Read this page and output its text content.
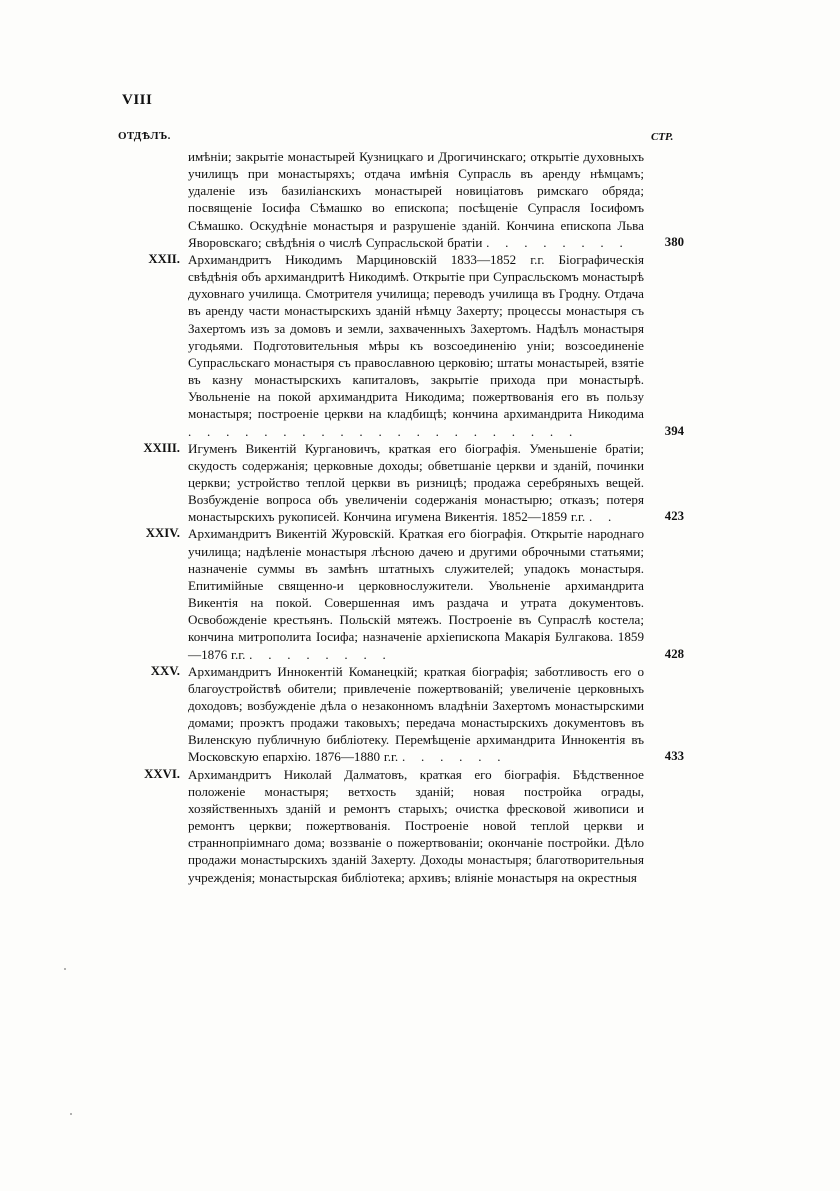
VIII
ОТДѢЛЪ.	СТР.
имѣніи; закрытіе монастырей Кузницкаго и Дрогичинскаго; открытіе духовныхъ училищъ при монастыряхъ; отдача имѣнія Супрасль въ аренду нѣмцамъ; удаленіе изъ базиліанскихъ монастырей новиціатовъ римскаго обряда; посвященіе Іосифа Сѣмашко во епископа; посѣщеніе Супрасля Іосифомъ Сѣмашко. Оскудѣніе монастыря и разрушеніе зданій. Кончина епископа Льва Яворовскаго; свѣдѣнія о числѣ Супрасльской братіи . . . . . . . .	380
XXII. Архимандритъ Никодимъ Марциновскій 1833—1852 г.г. Біографическія свѣдѣнія объ архимандритѣ Никодимѣ. Открытіе при Супрасльскомъ монастырѣ духовнаго училища. Смотрителя училища; переводъ училища въ Гродну. Отдача въ аренду части монастырскихъ зданій нѣмцу Захерту; процессы монастыря съ Захертомъ изъ за домовъ и земли, захваченныхъ Захертомъ. Надѣлъ монастыря угодьями. Подготовительныя мѣры къ возсоединенію уніи; возсоединеніе Супрасльскаго монастыря съ православною церковію; штаты монастырей, взятіе въ казну монастырскихъ капиталовъ, закрытіе прихода при монастырѣ. Увольненіе на покой архимандрита Никодима; пожертвованія его въ пользу монастыря; построеніе церкви на кладбищѣ; кончина архимандрита Никодима . . . . . . . . . . . . . . . . . . . . .	394
XXIII. Игуменъ Викентій Кургановичъ, краткая его біографія. Уменьшеніе братіи; скудость содержанія; церковные доходы; обветшаніе церкви и зданій, починки церкви; устройство теплой церкви въ ризницѣ; продажа серебряныхъ вещей. Возбужденіе вопроса объ увеличеніи содержанія монастырю; отказъ; потеря монастырскихъ рукописей. Кончина игумена Викентія. 1852—1859 г.г. . .	423
XXIV. Архимандритъ Викентій Журовскій. Краткая его біографія. Открытіе народнаго училища; надѣленіе монастыря лѣсною дачею и другими оброчными статьями; назначеніе суммы въ замѣнъ штатныхъ служителей; упадокъ монастыря. Епитимійные священно-и церковнослужители. Увольненіе архимандрита Викентія на покой. Совершенная имъ раздача и утрата документовъ. Освобожденіе крестьянъ. Польскій мятежъ. Построеніе въ Супраслѣ костела; кончина митрополита Іосифа; назначеніе архіепископа Макарія Булгакова. 1859—1876 г.г. . . . . . . . .	428
XXV. Архимандритъ Иннокентій Команецкій; краткая біографія; заботливость его о благоустройствѣ обители; привлеченіе пожертвованій; увеличеніе церковныхъ доходовъ; возбужденіе дѣла о незаконномъ владѣніи Захертомъ монастырскими домами; проэктъ продажи таковыхъ; передача монастырскихъ документовъ въ Виленскую публичную библіотеку. Перемѣщеніе архимандрита Иннокентія въ Московскую епархію. 1876—1880 г.г. . . . . . .	433
XXVI. Архимандритъ Николай Далматовъ, краткая его біографія. Бѣдственное положеніе монастыря; ветхость зданій; новая постройка ограды, хозяйственныхъ зданій и ремонтъ старыхъ; очистка фресковой живописи и ремонтъ церкви; пожертвованія. Построеніе новой теплой церкви и страннопріимнаго дома; воззваніе о пожертвованіи; окончаніе постройки. Дѣло продажи монастырскихъ зданій Захерту. Доходы монастыря; благотворительныя учрежденія; монастырская библіотека; архивъ; вліяніе монастыря на окрестныя
